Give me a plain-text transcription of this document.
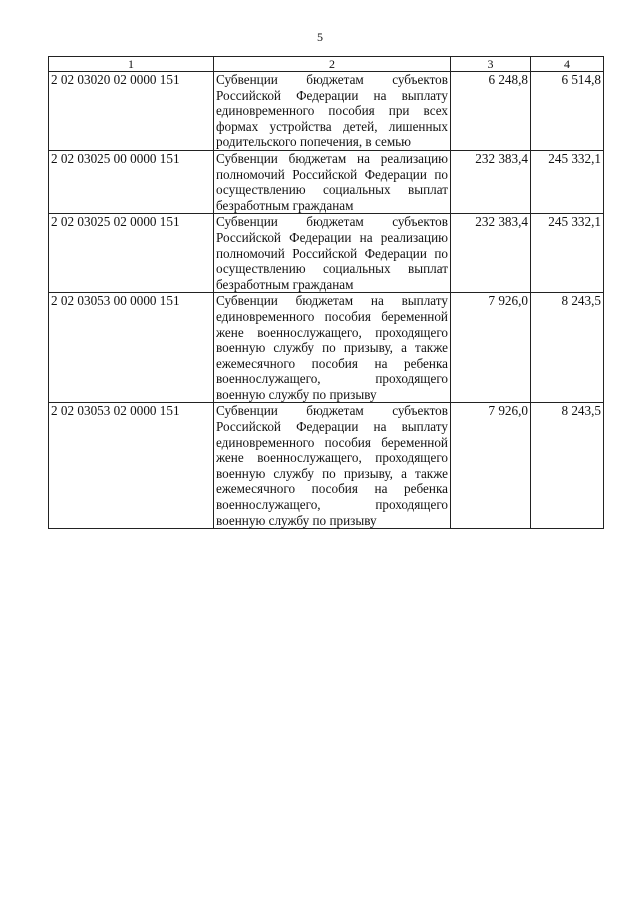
5
1	2	3	4
2 02 03020 02 0000 151	Субвенции бюджетам субъектов Российской Федерации на выплату единовременного пособия при всех формах устройства детей, лишенных родительского попечения, в семью	6 248,8	6 514,8
2 02 03025 00 0000 151	Субвенции бюджетам на реализацию полномочий Российской Федерации по осуществлению социальных выплат безработным гражданам	232 383,4	245 332,1
2 02 03025 02 0000 151	Субвенции бюджетам субъектов Российской Федерации на реализацию полномочий Российской Федерации по осуществлению социальных выплат безработным гражданам	232 383,4	245 332,1
2 02 03053 00 0000 151	Субвенции бюджетам на выплату единовременного пособия беременной жене военнослужащего, проходящего военную службу по призыву, а также ежемесячного пособия на ребенка военнослужащего, проходящего военную службу по призыву	7 926,0	8 243,5
2 02 03053 02 0000 151	Субвенции бюджетам субъектов Российской Федерации на выплату единовременного пособия беременной жене военнослужащего, проходящего военную службу по призыву, а также ежемесячного пособия на ребенка военнослужащего, проходящего военную службу по призыву	7 926,0	8 243,5
